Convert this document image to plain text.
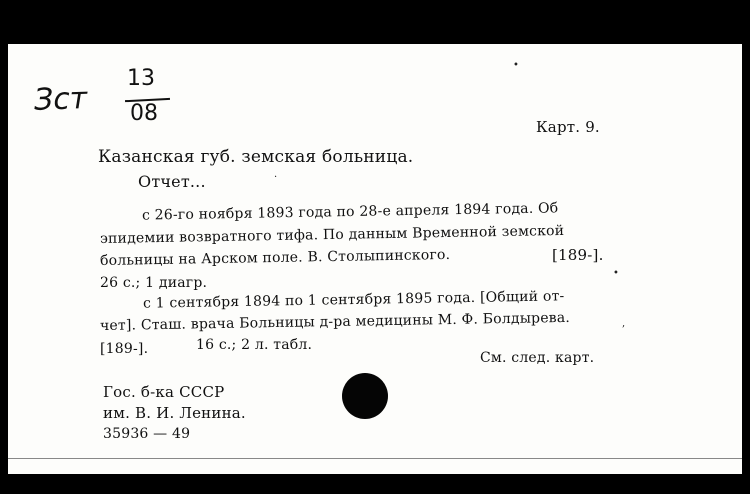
Зст
13
08
Карт. 9.
Казанская губ. земская больница.
Отчет...
с 26-го ноября 1893 года по 28-е апреля 1894 года. Об
эпидемии возвратного тифа. По данным Временной земской
больницы на Арском поле. В. Столыпинского.	[189-].
26 с.; 1 диагр.
с 1 сентября 1894 по 1 сентября 1895 года. [Общий от-
чет]. Сташ. врача Больницы д-ра медицины М. Ф. Болдырева.
[189-].	16 с.; 2 л. табл.
См. след. карт.
Гос. б-ка СССР
им. В. И. Ленина.
35936 — 49
•
•
,
·
